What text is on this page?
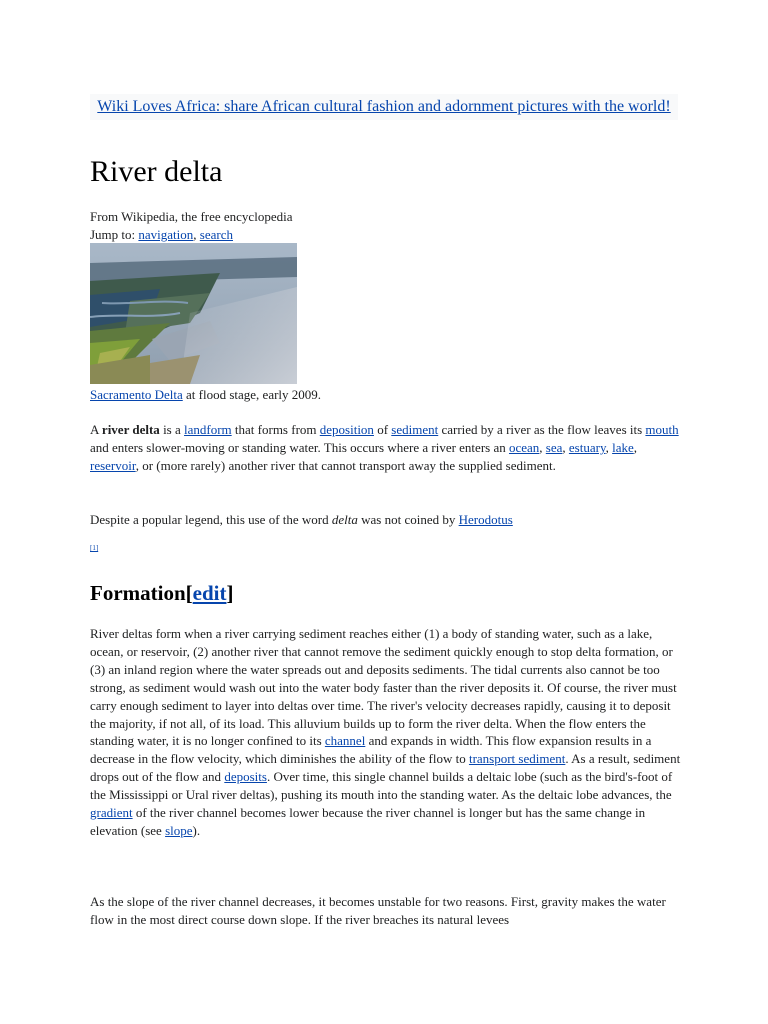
Wiki Loves Africa: share African cultural fashion and adornment pictures with the world!
River delta
From Wikipedia, the free encyclopedia
Jump to: navigation, search
Sacramento Delta at flood stage, early 2009.

A river delta is a landform that forms from deposition of sediment carried by a river as the flow leaves its mouth and enters slower-moving or standing water. This occurs where a river enters an ocean, sea, estuary, lake, reservoir, or (more rarely) another river that cannot transport away the supplied sediment.

Despite a popular legend, this use of the word delta was not coined by Herodotus

[1]
Formation[edit]

River deltas form when a river carrying sediment reaches either (1) a body of standing water, such as a lake, ocean, or reservoir, (2) another river that cannot remove the sediment quickly enough to stop delta formation, or (3) an inland region where the water spreads out and deposits sediments. The tidal currents also cannot be too strong, as sediment would wash out into the water body faster than the river deposits it. Of course, the river must carry enough sediment to layer into deltas over time. The river's velocity decreases rapidly, causing it to deposit the majority, if not all, of its load. This alluvium builds up to form the river delta. When the flow enters the standing water, it is no longer confined to its channel and expands in width. This flow expansion results in a decrease in the flow velocity, which diminishes the ability of the flow to transport sediment. As a result, sediment drops out of the flow and deposits. Over time, this single channel builds a deltaic lobe (such as the bird's-foot of the Mississippi or Ural river deltas), pushing its mouth into the standing water. As the deltaic lobe advances, the gradient of the river channel becomes lower because the river channel is longer but has the same change in elevation (see slope).

As the slope of the river channel decreases, it becomes unstable for two reasons. First, gravity makes the water flow in the most direct course down slope. If the river breaches its natural levees
